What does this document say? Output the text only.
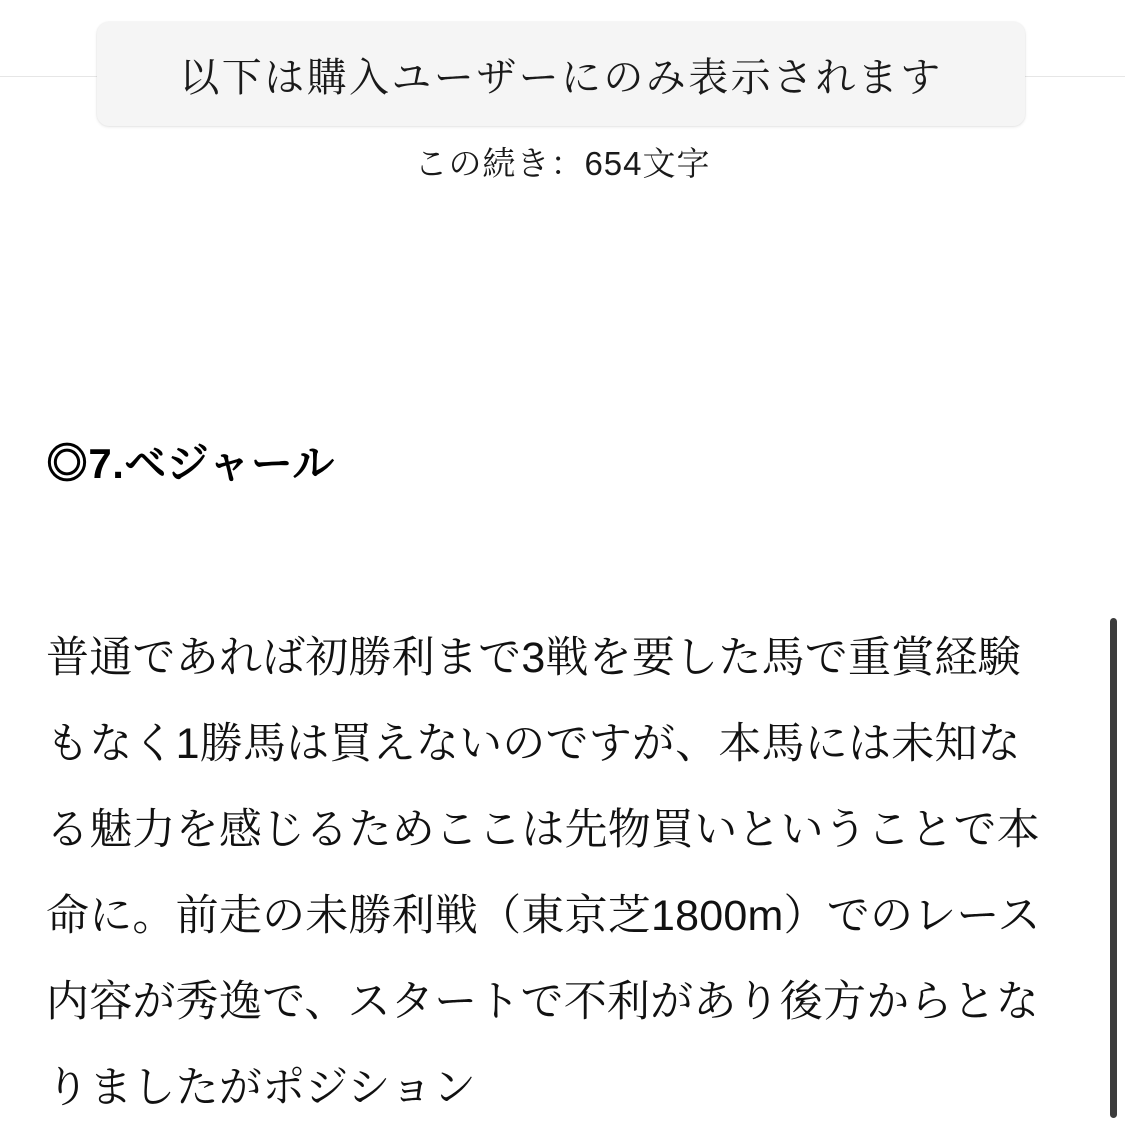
以下は購入ユーザーにのみ表示されます
この続き：654文字
◎7.ベジャール

普通であれば初勝利まで3戦を要した馬で重賞経験もなく1勝馬は買えないのですが、本馬には未知なる魅力を感じるためここは先物買いということで本命に。前走の未勝利戦（東京芝1800m）でのレース内容が秀逸で、スタートで不利があり後方からとなりましたがポジション
